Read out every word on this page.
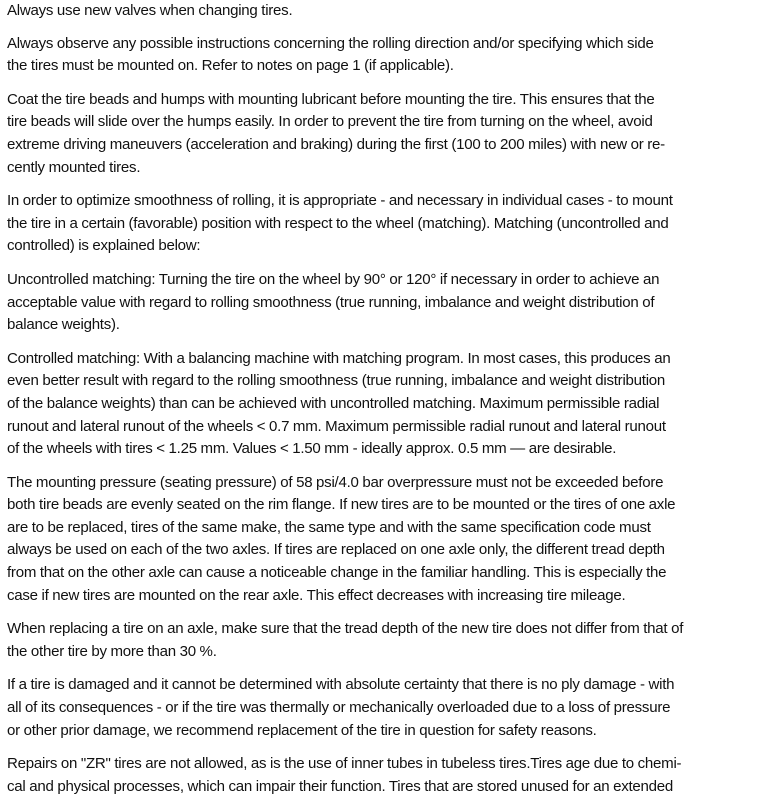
Always use new valves when changing tires.

Always observe any possible instructions concerning the rolling direction and/or specifying which side
the tires must be mounted on. Refer to notes on page 1 (if applicable).

Coat the tire beads and humps with mounting lubricant before mounting the tire. This ensures that the
tire beads will slide over the humps easily. In order to prevent the tire from turning on the wheel, avoid
extreme driving maneuvers (acceleration and braking) during the first (100 to 200 miles) with new or re-
cently mounted tires.

In order to optimize smoothness of rolling, it is appropriate - and necessary in individual cases - to mount
the tire in a certain (favorable) position with respect to the wheel (matching). Matching (uncontrolled and
controlled) is explained below:

Uncontrolled matching: Turning the tire on the wheel by 90° or 120° if necessary in order to achieve an
acceptable value with regard to rolling smoothness (true running, imbalance and weight distribution of
balance weights).

Controlled matching: With a balancing machine with matching program. In most cases, this produces an
even better result with regard to the rolling smoothness (true running, imbalance and weight distribution
of the balance weights) than can be achieved with uncontrolled matching. Maximum permissible radial
runout and lateral runout of the wheels < 0.7 mm. Maximum permissible radial runout and lateral runout
of the wheels with tires < 1.25 mm. Values < 1.50 mm - ideally approx. 0.5 mm — are desirable.

The mounting pressure (seating pressure) of 58 psi/4.0 bar overpressure must not be exceeded before
both tire beads are evenly seated on the rim flange. If new tires are to be mounted or the tires of one axle
are to be replaced, tires of the same make, the same type and with the same specification code must
always be used on each of the two axles. If tires are replaced on one axle only, the different tread depth
from that on the other axle can cause a noticeable change in the familiar handling. This is especially the
case if new tires are mounted on the rear axle. This effect decreases with increasing tire mileage.

When replacing a tire on an axle, make sure that the tread depth of the new tire does not differ from that of
the other tire by more than 30 %.

If a tire is damaged and it cannot be determined with absolute certainty that there is no ply damage - with
all of its consequences - or if the tire was thermally or mechanically overloaded due to a loss of pressure
or other prior damage, we recommend replacement of the tire in question for safety reasons.

Repairs on "ZR" tires are not allowed, as is the use of inner tubes in tubeless tires.Tires age due to chemi-
cal and physical processes, which can impair their function. Tires that are stored unused for an extended
